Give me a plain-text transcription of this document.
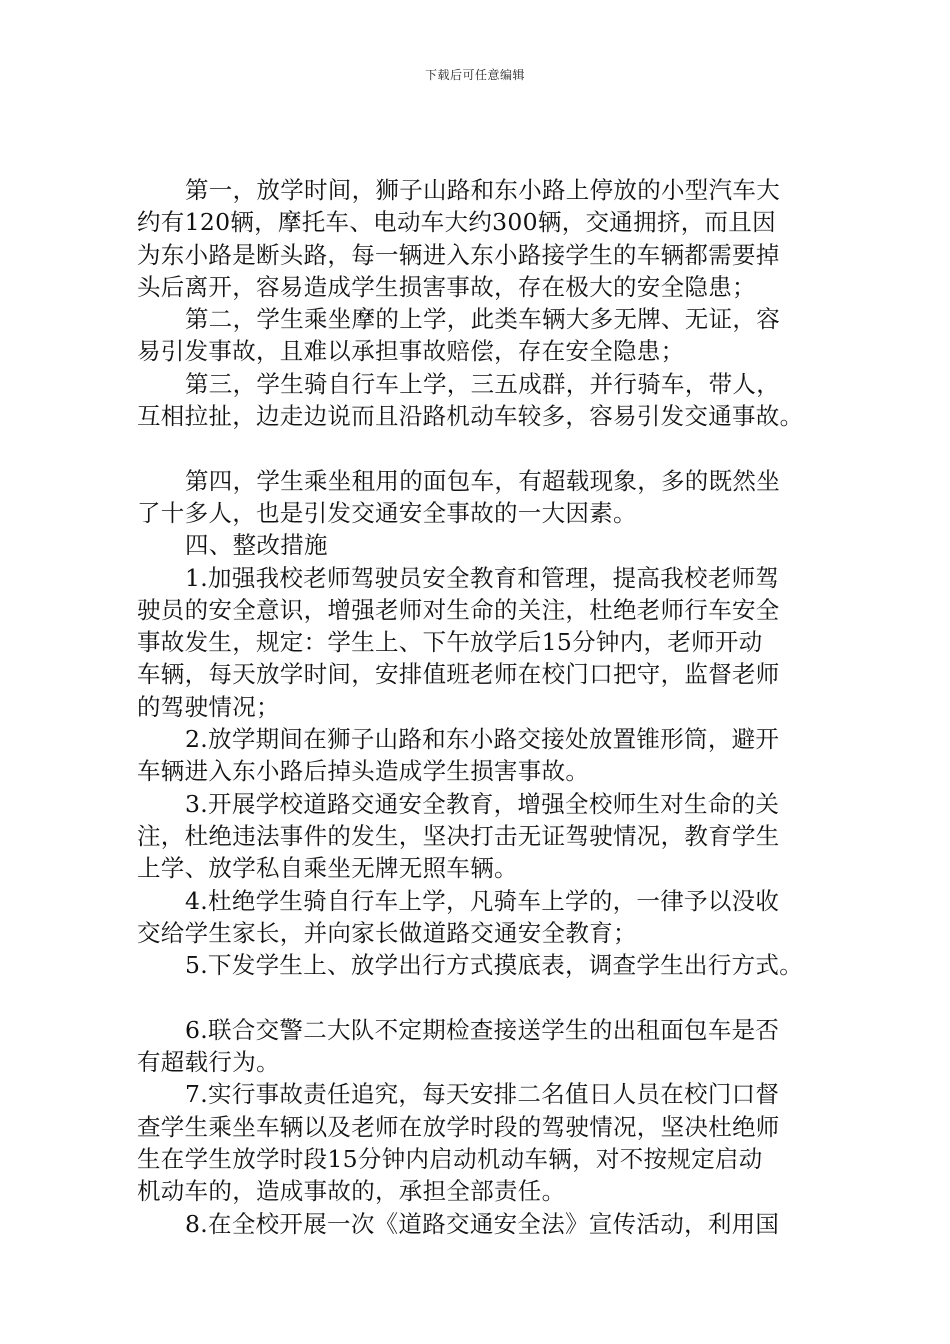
下载后可任意编辑
第一，放学时间，狮子山路和东小路上停放的小型汽车大
约有120辆，摩托车、电动车大约300辆，交通拥挤，而且因
为东小路是断头路，每一辆进入东小路接学生的车辆都需要掉
头后离开，容易造成学生损害事故，存在极大的安全隐患；
第二，学生乘坐摩的上学，此类车辆大多无牌、无证，容
易引发事故，且难以承担事故赔偿，存在安全隐患；
第三，学生骑自行车上学，三五成群，并行骑车，带人，
互相拉扯，边走边说而且沿路机动车较多，容易引发交通事故。
第四，学生乘坐租用的面包车，有超载现象，多的既然坐
了十多人，也是引发交通安全事故的一大因素。
四、整改措施
1.加强我校老师驾驶员安全教育和管理，提高我校老师驾
驶员的安全意识，增强老师对生命的关注，杜绝老师行车安全
事故发生，规定：学生上、下午放学后15分钟内，老师开动
车辆，每天放学时间，安排值班老师在校门口把守，监督老师
的驾驶情况；
2.放学期间在狮子山路和东小路交接处放置锥形筒，避开
车辆进入东小路后掉头造成学生损害事故。
3.开展学校道路交通安全教育，增强全校师生对生命的关
注，杜绝违法事件的发生，坚决打击无证驾驶情况，教育学生
上学、放学私自乘坐无牌无照车辆。
4.杜绝学生骑自行车上学，凡骑车上学的，一律予以没收
交给学生家长，并向家长做道路交通安全教育；
5.下发学生上、放学出行方式摸底表，调查学生出行方式。
6.联合交警二大队不定期检查接送学生的出租面包车是否
有超载行为。
7.实行事故责任追究，每天安排二名值日人员在校门口督
查学生乘坐车辆以及老师在放学时段的驾驶情况，坚决杜绝师
生在学生放学时段15分钟内启动机动车辆，对不按规定启动
机动车的，造成事故的，承担全部责任。
8.在全校开展一次《道路交通安全法》宣传活动，利用国
